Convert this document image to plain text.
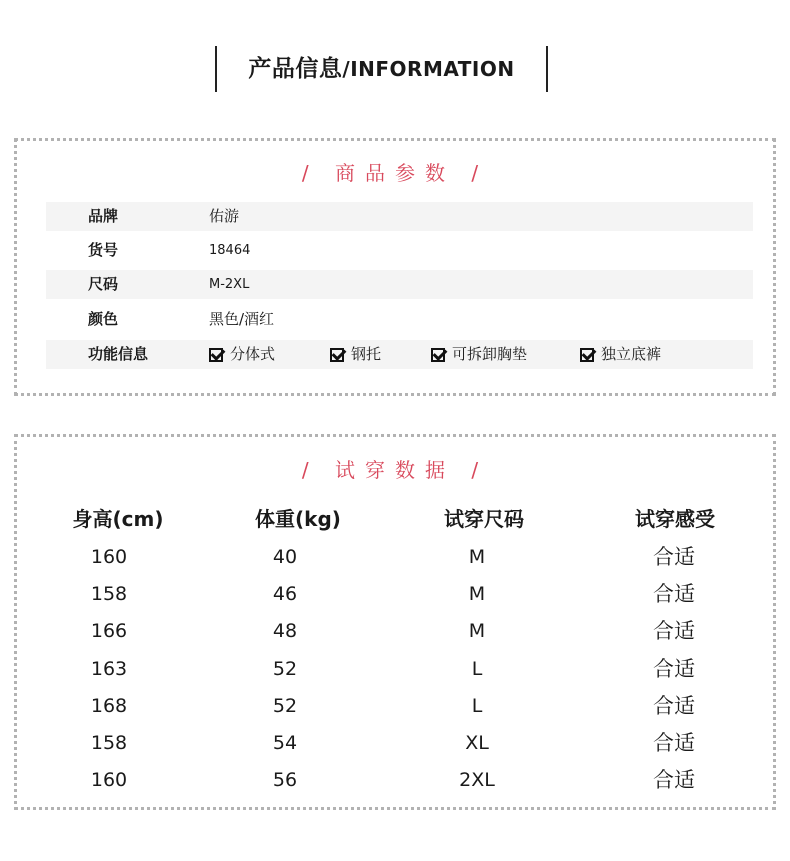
产品信息/INFORMATION
/ 商品参数 /
品牌	佑游
货号	18464
尺码	M-2XL
颜色	黑色/酒红
功能信息	分体式	钢托	可拆卸胸垫	独立底裤
/ 试穿数据 /
身高(cm)	体重(kg)	试穿尺码	试穿感受
160	40	M	合适
158	46	M	合适
166	48	M	合适
163	52	L	合适
168	52	L	合适
158	54	XL	合适
160	56	2XL	合适
